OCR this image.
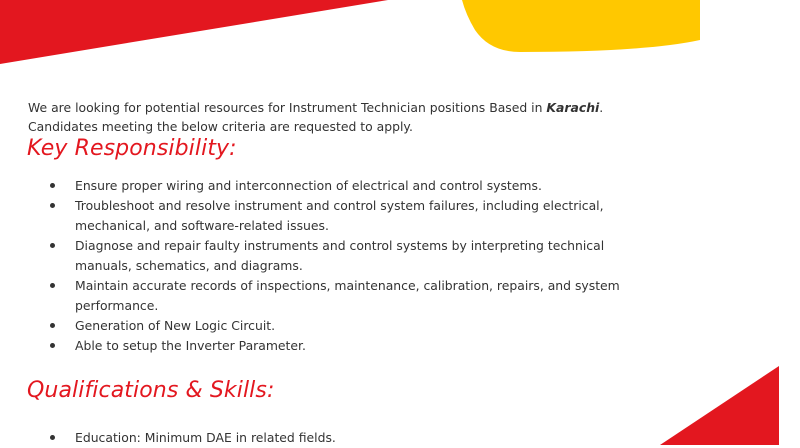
We are looking for potential resources for Instrument Technician positions Based in Karachi. Candidates meeting the below criteria are requested to apply.

Key Responsibility:
Ensure proper wiring and interconnection of electrical and control systems.
Troubleshoot and resolve instrument and control system failures, including electrical, mechanical, and software-related issues.
Diagnose and repair faulty instruments and control systems by interpreting technical manuals, schematics, and diagrams.
Maintain accurate records of inspections, maintenance, calibration, repairs, and system performance.
Generation of New Logic Circuit.
Able to setup the Inverter Parameter.
Qualifications & Skills:
Education: Minimum DAE in related fields.
